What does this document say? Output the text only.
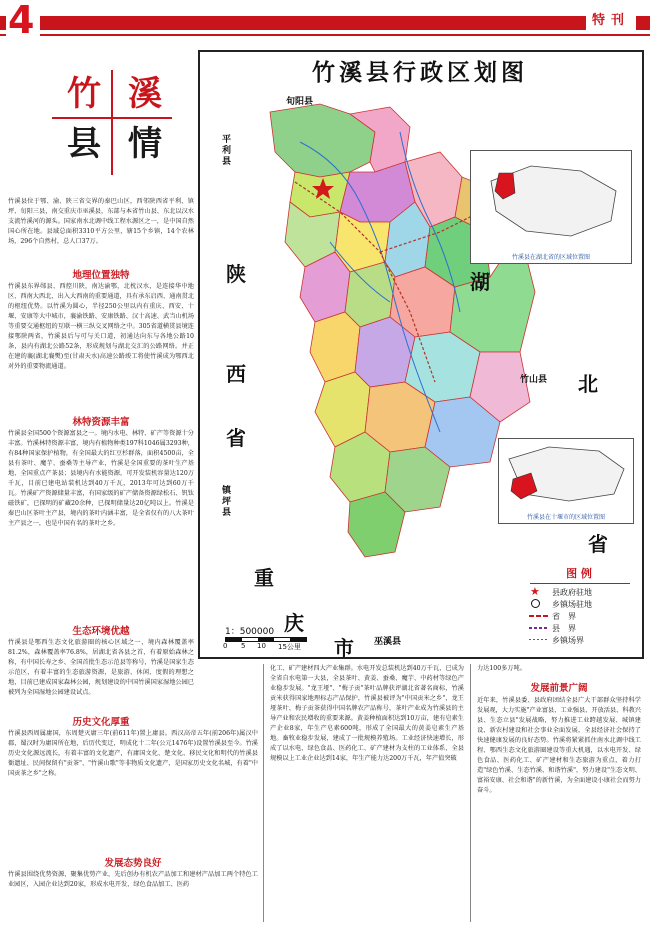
4	特刊
竹 溪
县 情
竹溪县位于鄂、渝、陕三省交界的秦巴山区，西邻陕西省平利、镇坪、旬阳三县，南交重庆市巫溪县，东部与本省竹山县、东北以汉水支流竹溪河的源头。国家南水北调中线工程水源区之一，是中国自然国心所在地。县域总面积3310平方公里，辖15个乡镇，14个农林场，296个自然村，总人口37万。
地理位置独特
竹溪县东界郧县、西控川陕，南达渝鄂，北枕汉水，是连接华中地区、西南大西北、出入大西南的重要通道，具有承东启西、通南贯北的枢纽优势。以竹溪为圆心，半径250公里以内有重庆、西安、十堰、安康等大中城市，襄渝铁路、安康铁路、汉十高速、武当山机场等重要交通枢纽的互联一横三纵交叉网络之中。305省道横贯县境连接鄂陕两省，竹溪县后与可与关口道，初通达向东与各地公路10条，县内有湖北公路52条，形成规划与湖北交汇的公路网络。并正在建的襄(湖北襄樊)至(甘肃天水)高速公路竣工将使竹溪成为鄂西北对外的重要物流通道。
林特资源丰富
竹溪县全国500个资源富县之一。境内水电、林特、矿产等资源十分丰富。竹溪林特资源丰富，境内有植物种类197科1046属3293种，有84种国家保护植物，有全国最大的红豆杉群落，面积4500亩，全县有茶叶、魔芋、蚕桑等主导产业，竹溪是全国重要的茶叶生产基地、全国重点产茶县；县境内有水能资源，可开发装机容量达120万千瓦，目前已建电站装机达到40万千瓦，2013年可达到60万千瓦。竹溪矿产资源储量丰富，有国家级的矿产储备资源绿松石、钒钛磁铁矿，已探明的矿藏20余种，已探明储量达20亿吨以上。竹溪是秦巴山区茶叶主产县，境内的茶叶内涵丰富，是全省仅有的八大茶叶主产县之一，也是中国有名的茶叶之乡。
生态环境优越
竹溪县是鄂西生态文化旅游圈的核心区域之一，境内森林覆盖率81.2%，森林覆盖率76.8%，居湖北省各县之首，有着原始森林之称，有中国长寿之乡、全国首批生态示范县等称号，竹溪是国家生态示范区，有着丰富的生态旅游资源，是旅游、休闲、度假的理想之地，目前已建成国家森林公园，规划建设的中国竹溪国家湿地公园已被列为全国湿地公园建设试点。
竹溪县行政区划图
旬阳县
平利县
镇坪县
陕
西
省
湖
北
省
重
庆
市 巫溪县
竹山县
竹溪县在湖北省的区域位置图
竹溪县在十堰市的区域位置图
1：500000
0 5 10 15公里
图 例
★ 县政府驻地
乡镇场驻地
省　界
县　界
乡镇场界
历史文化厚重
竹溪县西周属庸国，东周楚灭庸三年(前611年)置上庸县。西汉高帝五年(前206年)属汉中郡，蜀汉时为庸国所在地，后历代变迁，明成化十二年(公元1476年)设置竹溪县至今。竹溪历史文化源远流长，有着丰富的文化遗产，有庸国文化、楚文化、移民文化和明代的竹溪县衙遗址、民间保留有"贡茶"、"竹溪山歌"等非物质文化遗产，是国家历史文化名城，有着"中国贡茶之乡"之称。
发展态势良好
竹溪县围绕优势资源，聚集优势产业，先后创办有机农产品加工和建材产品加工两个特色工业园区，入园企业达到20家，形成水电开发、绿色食品加工、医药
化工、矿产建材四大产业集群。水电开发总装机达到40万千瓦，已成为全省自水电第一大县，全县茶叶、黄姜、蚕桑、魔芋、中药材等绿色产业稳步发展。"龙王垭"、"梅子贡"茶叶品牌获评湖北省著名商标，竹溪贡米获得国家地理标志产品保护，竹溪县被评为"中国贡米之乡"，龙王垭茶叶、梅子贡茶获得中国名牌农产品称号，茶叶产业成为竹溪县的主导产业和农民增收的重要来源。黄姜种植面积达到10万亩，建有皂素生产企业8家，年生产皂素600吨，形成了全国最大的黄姜皂素生产基地。畜牧业稳步发展，建成了一批规模养殖场。工业经济快速增长，形成了以水电、绿色食品、医药化工、矿产建材为支柱的工业体系，全县规模以上工业企业达到14家，年生产能力达200万千瓦，年产值突破
力达100多万吨。
发展前景广阔
近年来，竹溪县委、县政府团结全县广大干部群众坚持科学发展观，大力实施"产业富县、工业强县、开放活县、科教兴县、生态立县"发展战略，努力推进工业跨越发展、城镇建设、新农村建设和社会事业全面发展，全县经济社会保持了快速健康发展的良好态势。竹溪将紧紧抓住南水北调中线工程、鄂西生态文化旅游圈建设等重大机遇，以水电开发、绿色食品、医药化工、矿产建材和生态旅游为重点，着力打造"绿色竹溪、生态竹溪、和谐竹溪"，努力建设"生态文明、富裕安康、社会和谐"的新竹溪，为全面建设小康社会而努力奋斗。
